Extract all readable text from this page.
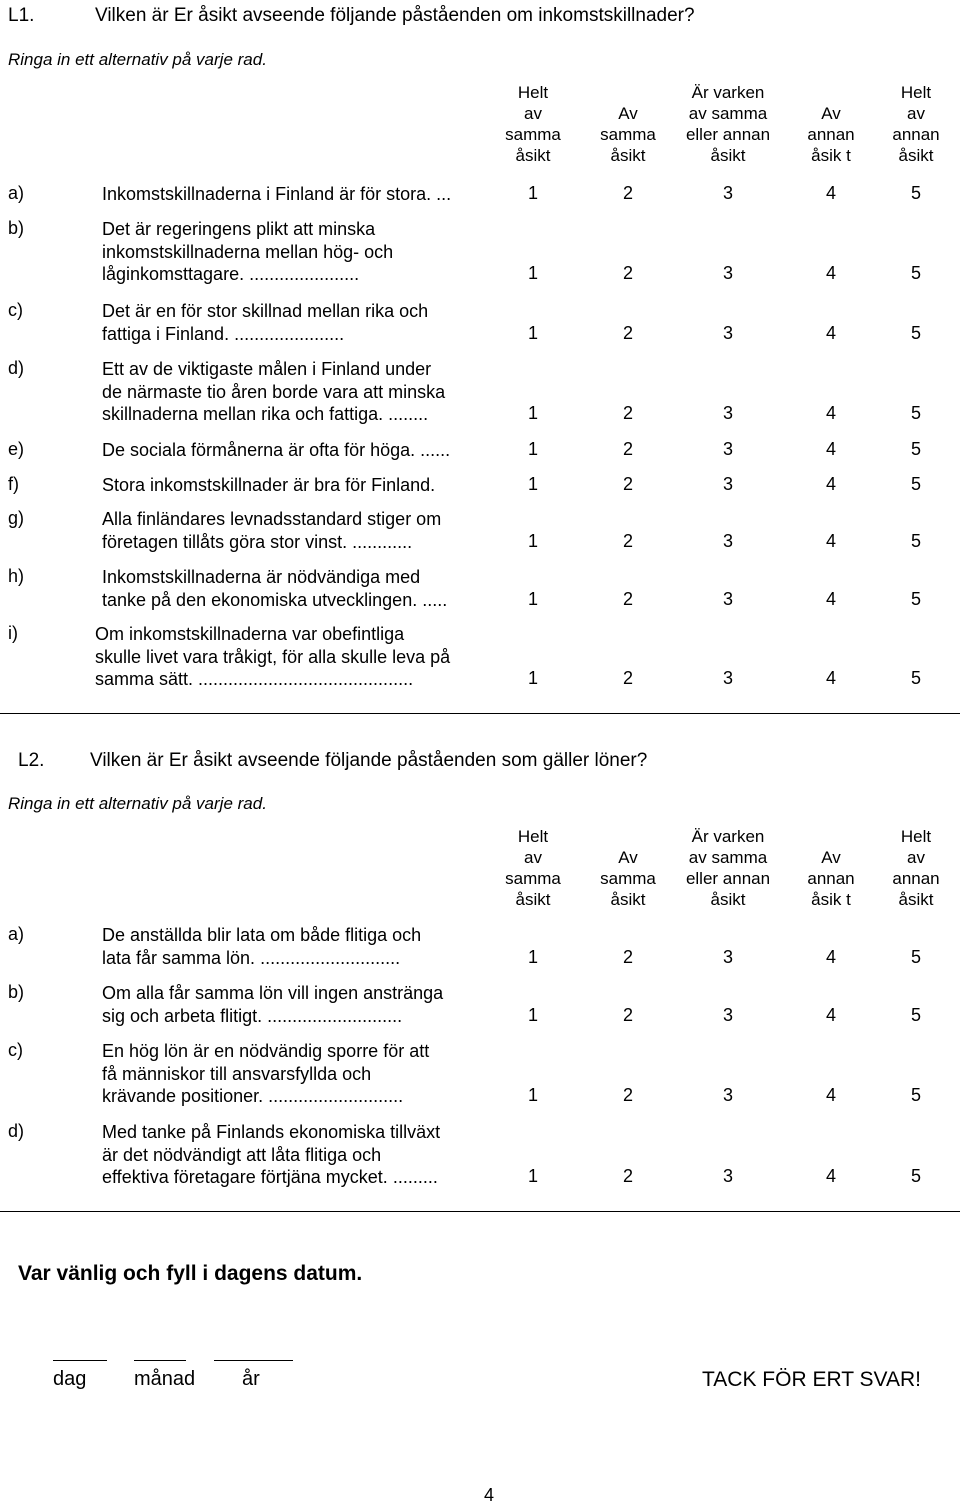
L1.	Vilken är Er åsikt avseende följande påståenden om inkomstskillnader?
Ringa in ett alternativ på varje rad.
Helt
av
samma
åsikt
Av
samma
åsikt
Är varken
av samma
eller annan
åsikt
Av
annan
åsik t
Helt
av
annan
åsikt
a)	Inkomstskillnaderna i Finland är för stora. ...	1	2	3	4	5
b)	Det är regeringens plikt att minska
inkomstskillnaderna mellan hög- och
låginkomsttagare. ......................	1	2	3	4	5
c)	Det är en för stor skillnad mellan rika och
fattiga i Finland. ......................	1	2	3	4	5
d)	Ett av de viktigaste målen i Finland under
de närmaste tio åren borde vara att minska
skillnaderna mellan rika och fattiga. ........	1	2	3	4	5
e)	De sociala förmånerna är ofta för höga. ......	1	2	3	4	5
f)	Stora inkomstskillnader är bra för Finland.	1	2	3	4	5
g)	Alla finländares levnadsstandard stiger om
företagen tillåts göra stor vinst. ............	1	2	3	4	5
h)	Inkomstskillnaderna är nödvändiga med
tanke på den ekonomiska utvecklingen. .....	1	2	3	4	5
i)	Om inkomstskillnaderna var obefintliga
skulle livet vara tråkigt, för alla skulle leva på
samma sätt. ...........................................	1	2	3	4	5
L2. Vilken är Er åsikt avseende följande påståenden som gäller löner?
Ringa in ett alternativ på varje rad.
Helt
av
samma
åsikt
Av
samma
åsikt
Är varken
av samma
eller annan
åsikt
Av
annan
åsik t
Helt
av
annan
åsikt
a)	De anställda blir lata om både flitiga och
lata får samma lön. ............................	1	2	3	4	5
b)	Om alla får samma lön vill ingen anstränga
sig och arbeta flitigt. ...........................	1	2	3	4	5
c)	En hög lön är en nödvändig sporre för att
få människor till ansvarsfyllda och
krävande positioner. ...........................	1	2	3	4	5
d)	Med tanke på Finlands ekonomiska tillväxt
är det nödvändigt att låta flitiga och
effektiva företagare förtjäna mycket. .........	1	2	3	4	5
Var vänlig och fyll i dagens datum.
dag månad år	TACK FÖR ERT SVAR!
4
